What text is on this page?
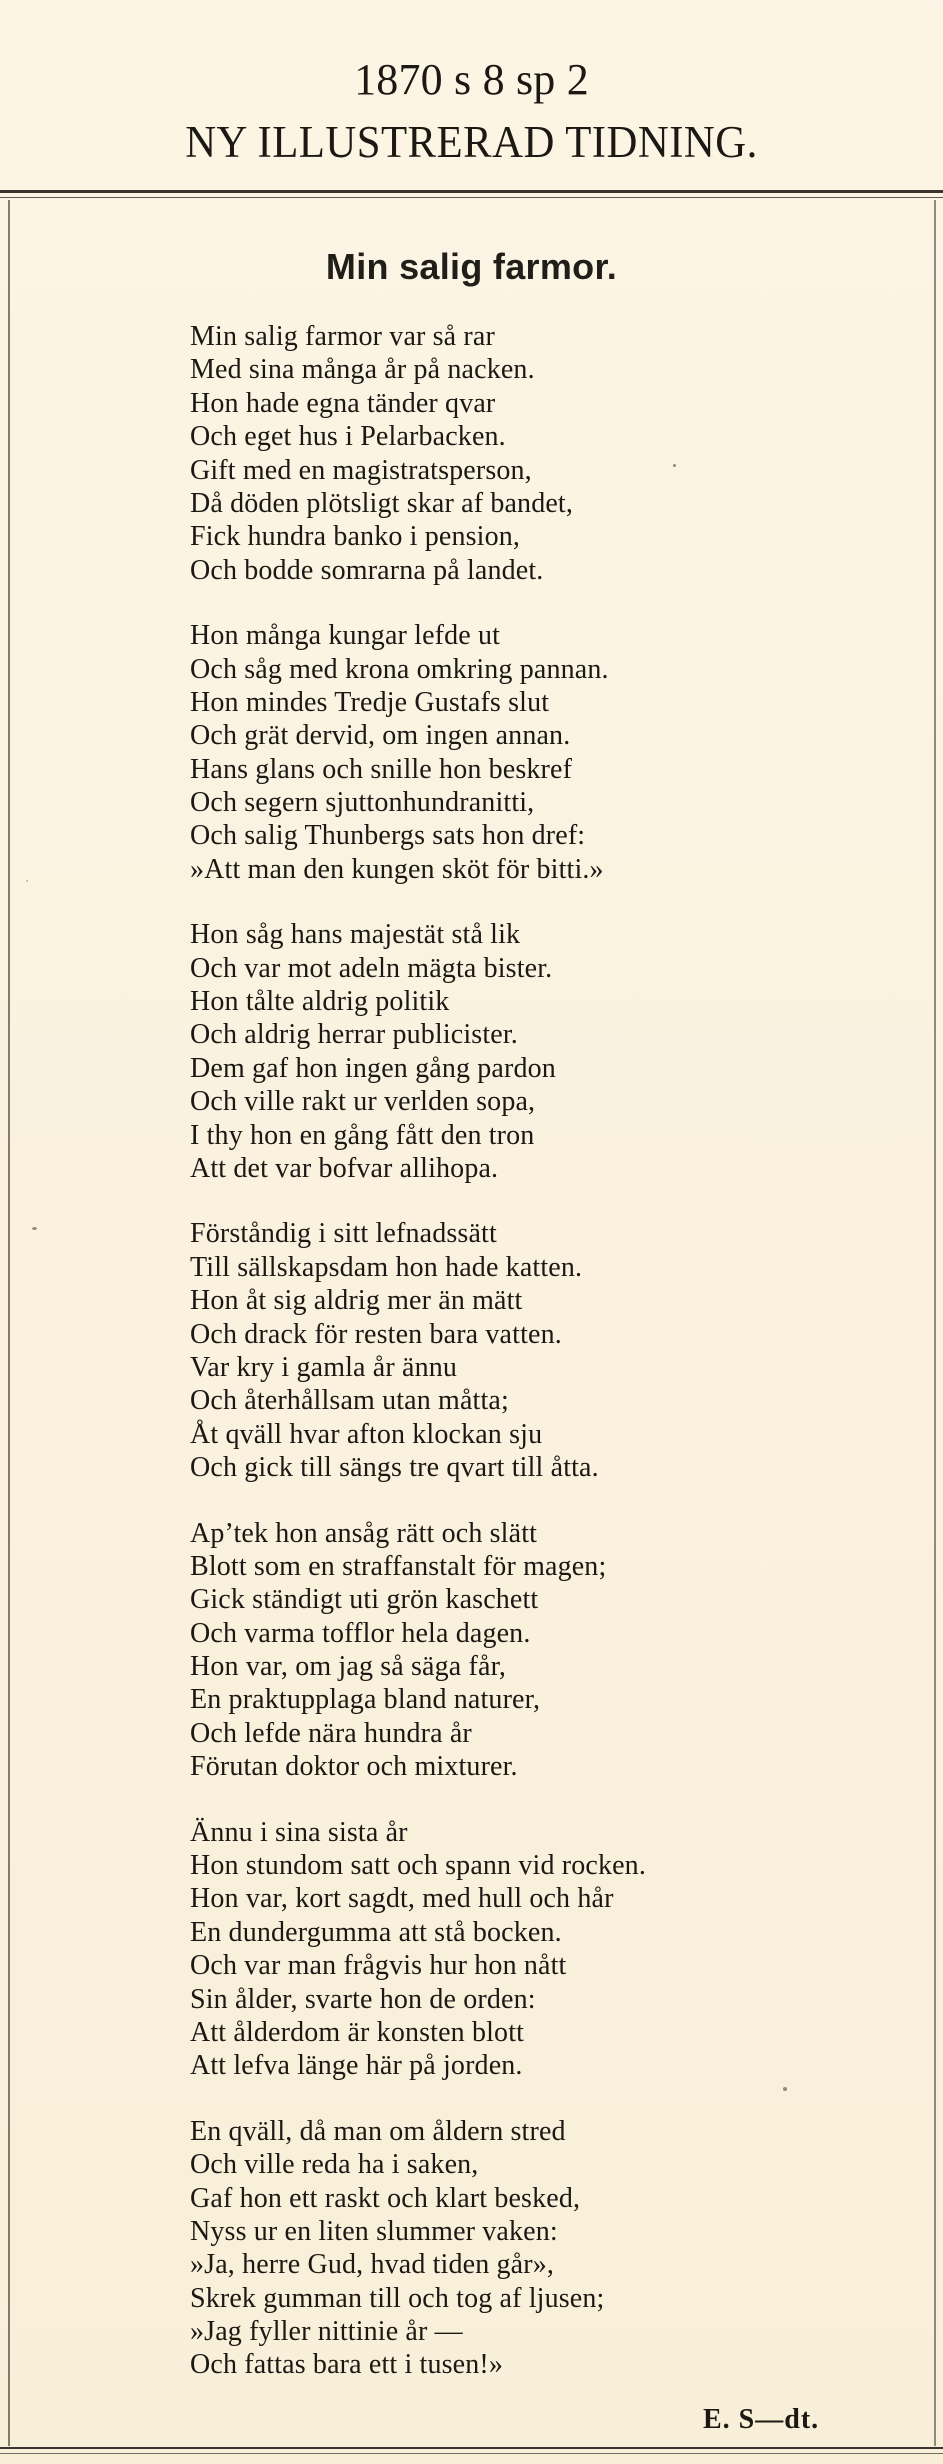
1870 s 8 sp 2
NY ILLUSTRERAD TIDNING.
Min salig farmor.
Min salig farmor var så rar
Med sina många år på nacken.
Hon hade egna tänder qvar
Och eget hus i Pelarbacken.
Gift med en magistratsperson,
Då döden plötsligt skar af bandet,
Fick hundra banko i pension,
Och bodde somrarna på landet.
Hon många kungar lefde ut
Och såg med krona omkring pannan.
Hon mindes Tredje Gustafs slut
Och grät dervid, om ingen annan.
Hans glans och snille hon beskref
Och segern sjuttonhundranitti,
Och salig Thunbergs sats hon dref:
»Att man den kungen sköt för bitti.»
Hon såg hans majestät stå lik
Och var mot adeln mägta bister.
Hon tålte aldrig politik
Och aldrig herrar publicister.
Dem gaf hon ingen gång pardon
Och ville rakt ur verlden sopa,
I thy hon en gång fått den tron
Att det var bofvar allihopa.
Förståndig i sitt lefnadssätt
Till sällskapsdam hon hade katten.
Hon åt sig aldrig mer än mätt
Och drack för resten bara vatten.
Var kry i gamla år ännu
Och återhållsam utan måtta;
Åt qväll hvar afton klockan sju
Och gick till sängs tre qvart till åtta.
Ap’tek hon ansåg rätt och slätt
Blott som en straffanstalt för magen;
Gick ständigt uti grön kaschett
Och varma tofflor hela dagen.
Hon var, om jag så säga får,
En praktupplaga bland naturer,
Och lefde nära hundra år
Förutan doktor och mixturer.
Ännu i sina sista år
Hon stundom satt och spann vid rocken.
Hon var, kort sagdt, med hull och hår
En dundergumma att stå bocken.
Och var man frågvis hur hon nått
Sin ålder, svarte hon de orden:
Att ålderdom är konsten blott
Att lefva länge här på jorden.
En qväll, då man om åldern stred
Och ville reda ha i saken,
Gaf hon ett raskt och klart besked,
Nyss ur en liten slummer vaken:
»Ja, herre Gud, hvad tiden går»,
Skrek gumman till och tog af ljusen;
»Jag fyller nittinie år —
Och fattas bara ett i tusen!»
E. S—dt.
